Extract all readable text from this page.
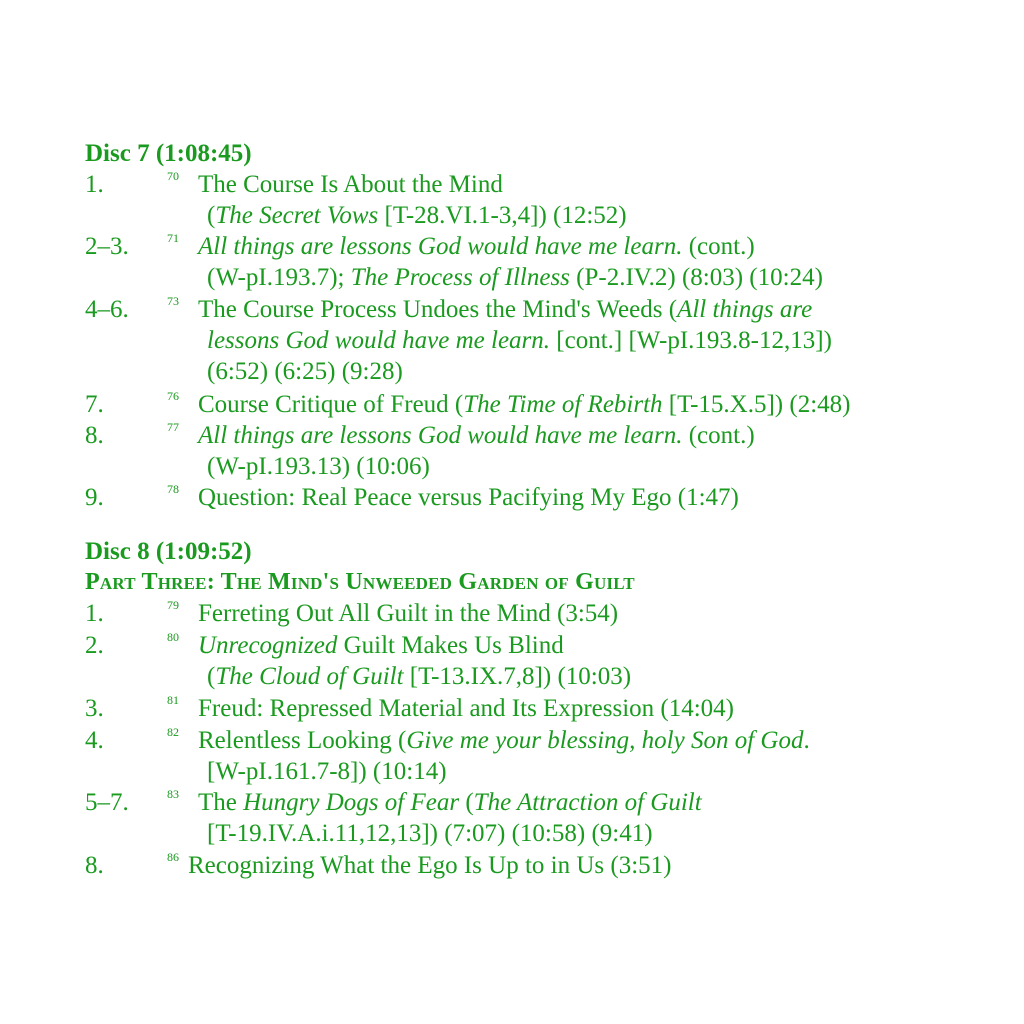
Disc 7 (1:08:45)
1.	70 The Course Is About the Mind
(The Secret Vows [T-28.VI.1-3,4]) (12:52)
2–3.	71 All things are lessons God would have me learn. (cont.)
(W-pI.193.7); The Process of Illness (P-2.IV.2) (8:03) (10:24)
4–6.	73 The Course Process Undoes the Mind's Weeds (All things are
lessons God would have me learn. [cont.] [W-pI.193.8-12,13])
(6:52) (6:25) (9:28)
7.	76 Course Critique of Freud (The Time of Rebirth [T-15.X.5]) (2:48)
8.	77 All things are lessons God would have me learn. (cont.)
(W-pI.193.13) (10:06)
9.	78 Question: Real Peace versus Pacifying My Ego (1:47)
Disc 8 (1:09:52)
Part Three: The Mind's Unweeded Garden of Guilt
1.	79 Ferreting Out All Guilt in the Mind (3:54)
2.	80 Unrecognized Guilt Makes Us Blind
(The Cloud of Guilt [T-13.IX.7,8]) (10:03)
3.	81 Freud: Repressed Material and Its Expression (14:04)
4.	82 Relentless Looking (Give me your blessing, holy Son of God.
[W-pI.161.7-8]) (10:14)
5–7.	83 The Hungry Dogs of Fear (The Attraction of Guilt
[T-19.IV.A.i.11,12,13]) (7:07) (10:58) (9:41)
8.	86 Recognizing What the Ego Is Up to in Us (3:51)
